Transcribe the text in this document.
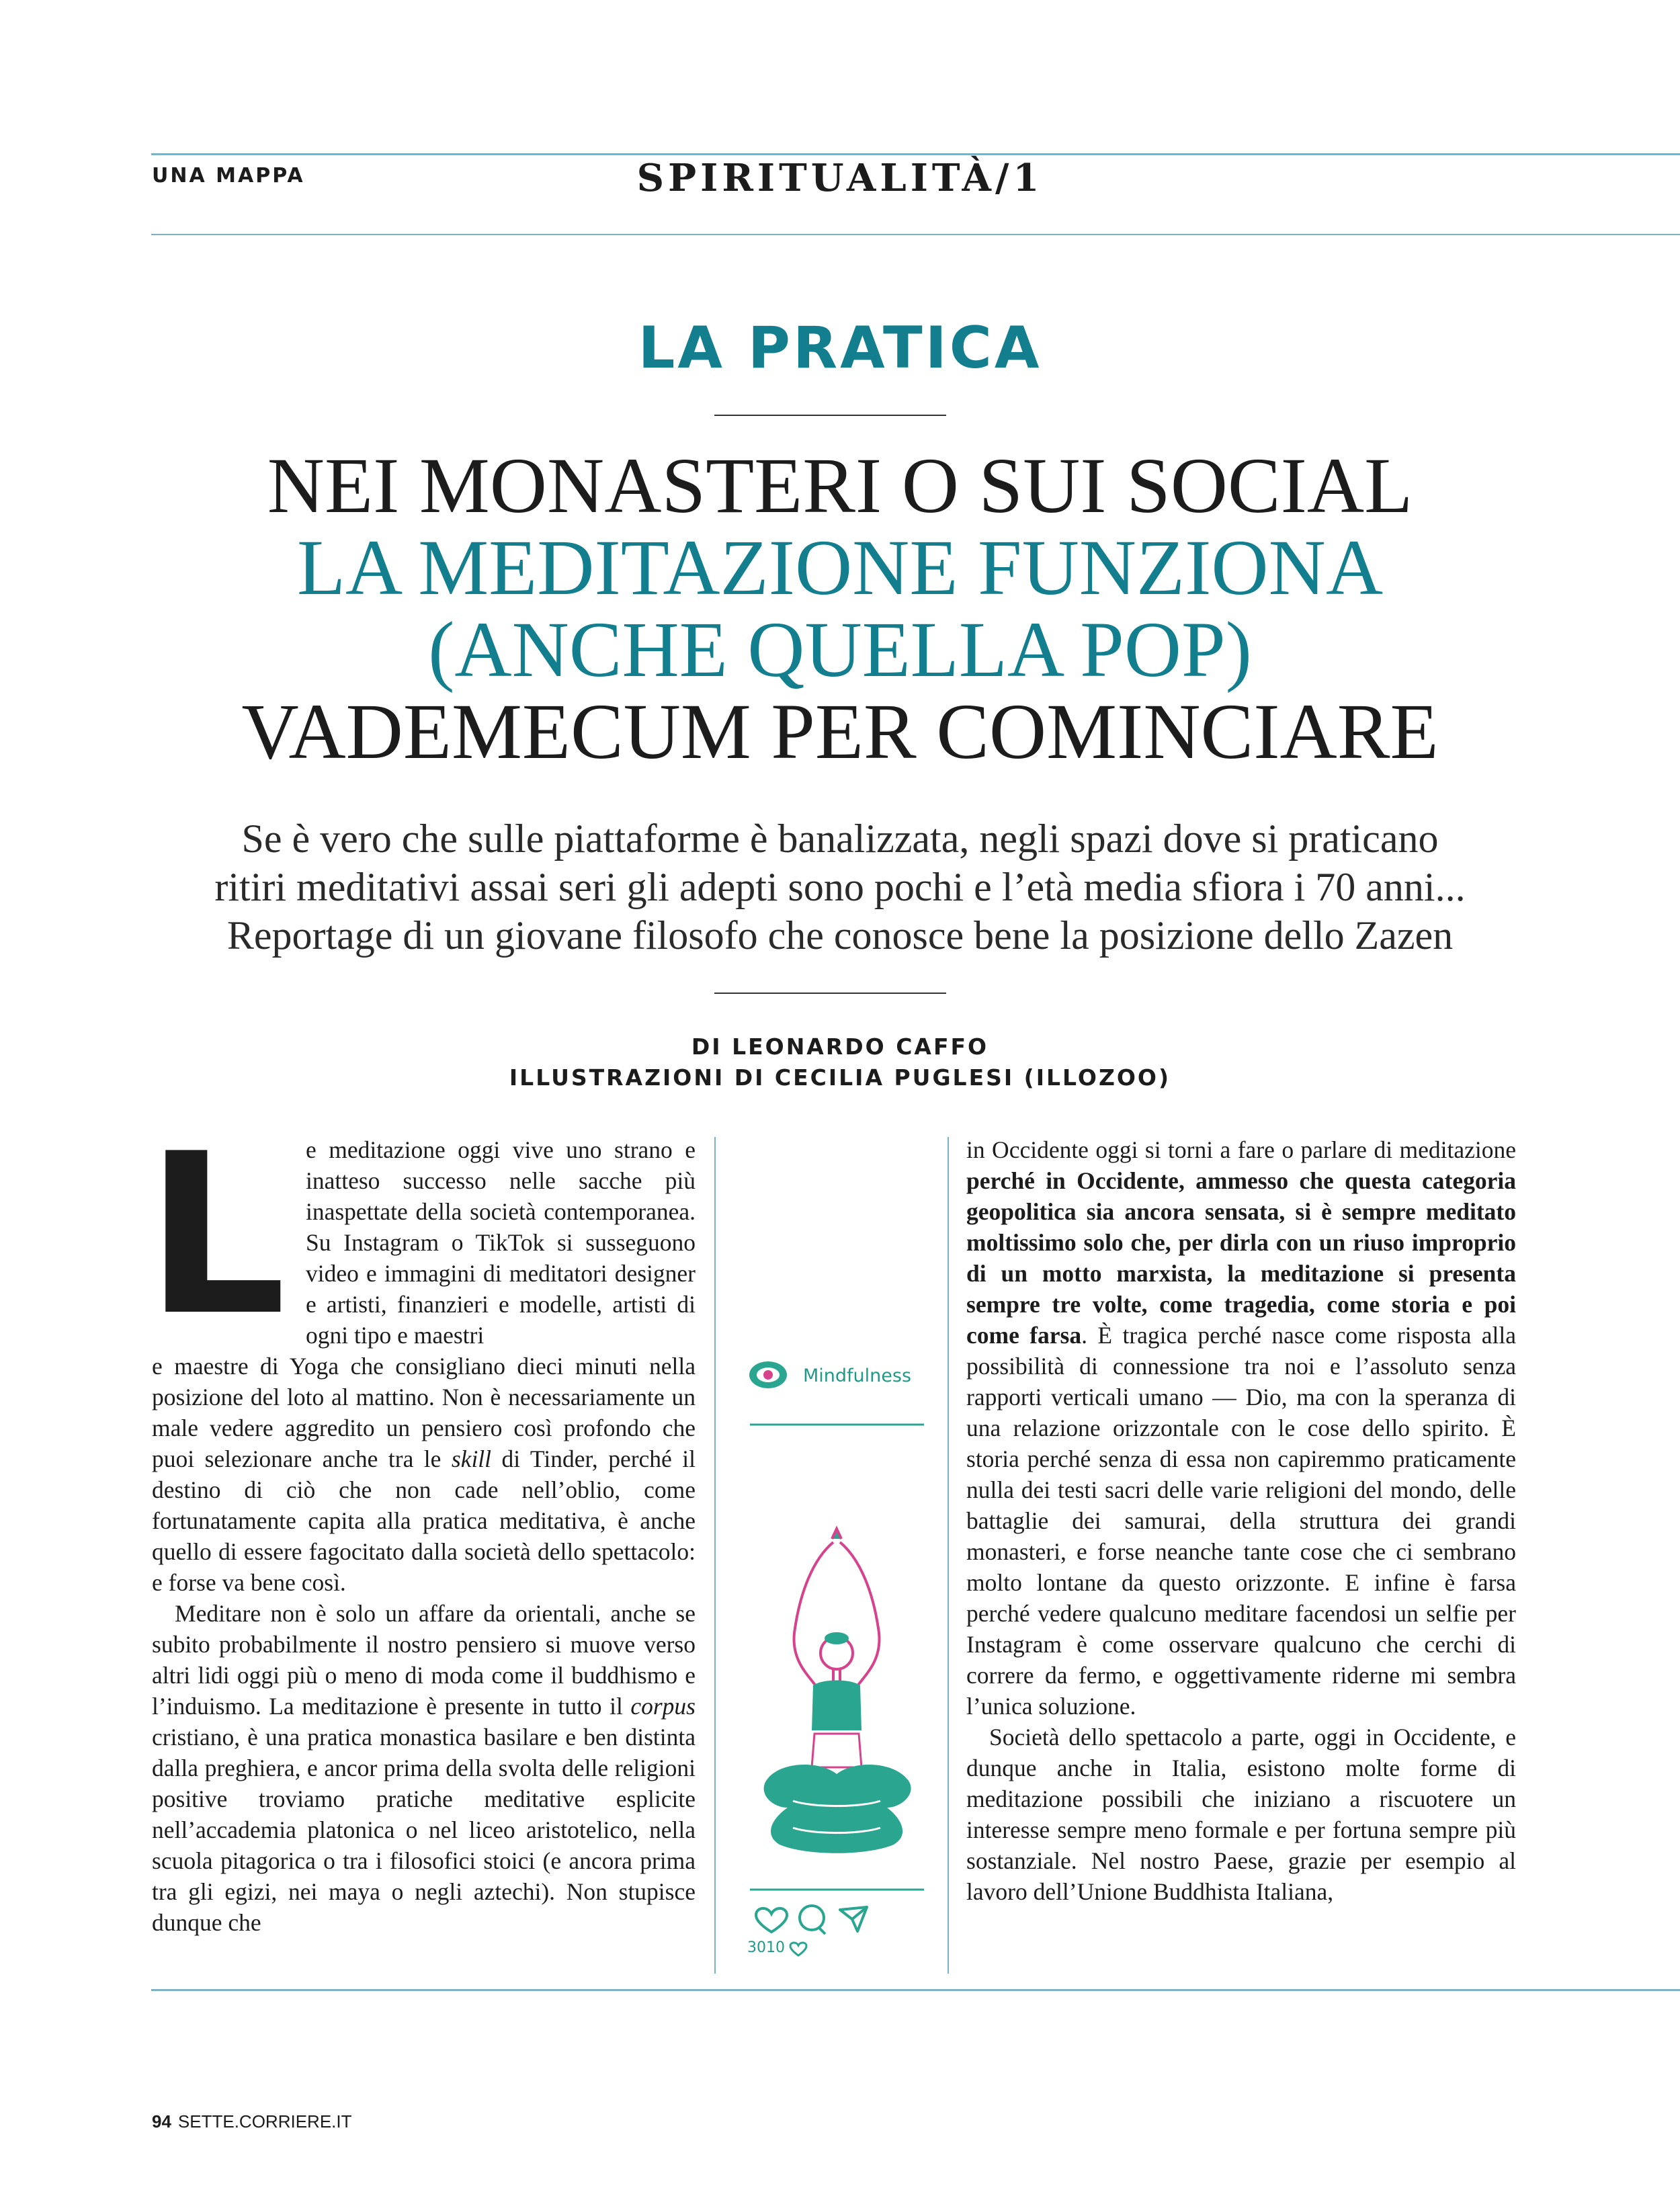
UNA MAPPA	SPIRITUALITÀ/1
LA PRATICA
NEI MONASTERI O SUI SOCIAL
LA MEDITAZIONE FUNZIONA
(ANCHE QUELLA POP)
VADEMECUM PER COMINCIARE
Se è vero che sulle piattaforme è banalizzata, negli spazi dove si praticano
ritiri meditativi assai seri gli adepti sono pochi e l’età media sfiora i 70 anni...
Reportage di un giovane filosofo che conosce bene la posizione dello Zazen
DI LEONARDO CAFFO
ILLUSTRAZIONI DI CECILIA PUGLESI (ILLOZOO)
L e meditazione oggi vive uno strano e inatteso successo nelle sacche più inaspettate della società contemporanea. Su Instagram o TikTok si susseguono video e immagini di meditatori designer e artisti, finanzieri e modelle, artisti di ogni tipo e maestri

e maestre di Yoga che consigliano dieci minuti nella posizione del loto al mattino. Non è necessariamente un male vedere aggredito un pensiero così profondo che puoi selezionare anche tra le skill di Tinder, perché il destino di ciò che non cade nell’oblio, come fortunatamente capita alla pratica meditativa, è anche quello di essere fagocitato dalla società dello spettacolo: e forse va bene così.

Meditare non è solo un affare da orientali, anche se subito probabilmente il nostro pensiero si muove verso altri lidi oggi più o meno di moda come il buddhismo e l’induismo. La meditazione è presente in tutto il corpus cristiano, è una pratica monastica basilare e ben distinta dalla preghiera, e ancor prima della svolta delle religioni positive troviamo pratiche meditative esplicite nell’accademia platonica o nel liceo aristotelico, nella scuola pitagorica o tra i filosofici stoici (e ancora prima tra gli egizi, nei maya o negli aztechi). Non stupisce dunque che

Mindfulness
3010

in Occidente oggi si torni a fare o parlare di meditazione perché in Occidente, ammesso che questa categoria geopolitica sia ancora sensata, si è sempre meditato moltissimo solo che, per dirla con un riuso improprio di un motto marxista, la meditazione si presenta sempre tre volte, come tragedia, come storia e poi come farsa. È tragica perché nasce come risposta alla possibilità di connessione tra noi e l’assoluto senza rapporti verticali umano — Dio, ma con la speranza di una relazione orizzontale con le cose dello spirito. È storia perché senza di essa non capiremmo praticamente nulla dei testi sacri delle varie religioni del mondo, delle battaglie dei samurai, della struttura dei grandi monasteri, e forse neanche tante cose che ci sembrano molto lontane da questo orizzonte. E infine è farsa perché vedere qualcuno meditare facendosi un selfie per Instagram è come osservare qualcuno che cerchi di correre da fermo, e oggettivamente riderne mi sembra l’unica soluzione.

Società dello spettacolo a parte, oggi in Occidente, e dunque anche in Italia, esistono molte forme di meditazione possibili che iniziano a riscuotere un interesse sempre meno formale e per fortuna sempre più sostanziale. Nel nostro Paese, grazie per esempio al lavoro dell’Unione Buddhista Italiana,

94 SETTE.CORRIERE.IT
